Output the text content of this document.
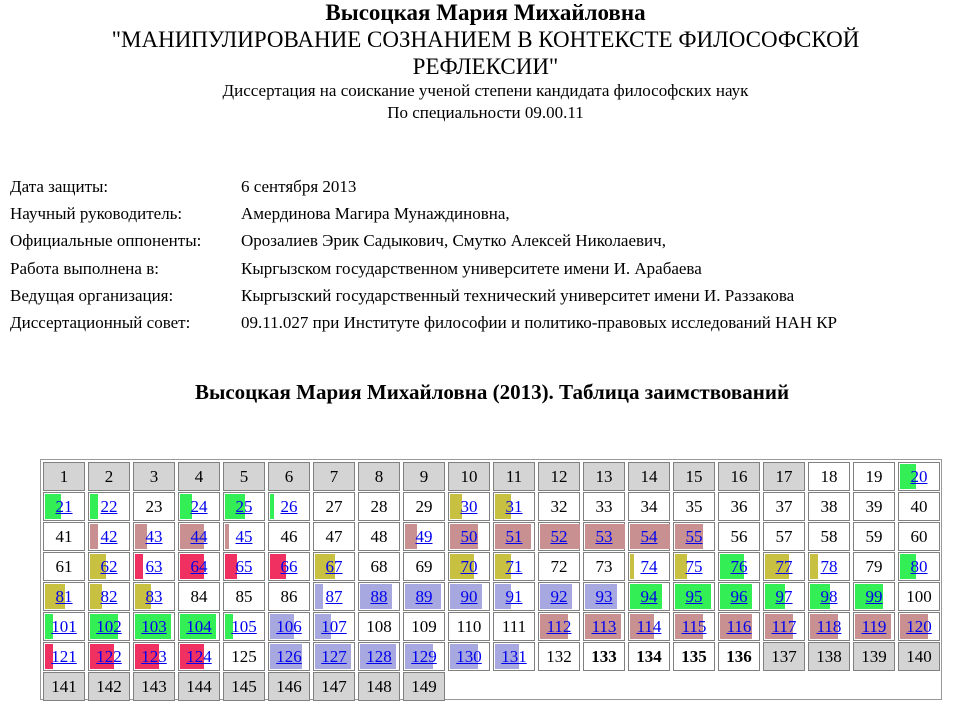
Высоцкая Мария Михайловна
"МАНИПУЛИРОВАНИЕ СОЗНАНИЕМ В КОНТЕКСТЕ ФИЛОСОФСКОЙ РЕФЛЕКСИИ"
Диссертация на соискание ученой степени кандидата философских наук
По специальности 09.00.11
Дата защиты:	6 сентября 2013
Научный руководитель:	Амердинова Магира Мунаждиновна,
Официальные оппоненты:	Орозалиев Эрик Садыкович, Смутко Алексей Николаевич,
Работа выполнена в:	Кыргызском государственном университете имени И. Арабаева
Ведущая организация:	Кыргызский государственный технический университет имени И. Раззакова
Диссертационный совет:	09.11.027 при Институте философии и политико-правовых исследований НАН КР
Высоцкая Мария Михайловна (2013). Таблица заимствований
1 2 3 4 5 6 7 8 9 10 11 12 13 14 15 16 17 18 19 20
21 22 23 24 25 26 27 28 29 30 31 32 33 34 35 36 37 38 39 40
41 42 43 44 45 46 47 48 49 50 51 52 53 54 55 56 57 58 59 60
61 62 63 64 65 66 67 68 69 70 71 72 73 74 75 76 77 78 79 80
81 82 83 84 85 86 87 88 89 90 91 92 93 94 95 96 97 98 99 100
101 102 103 104 105 106 107 108 109 110 111 112 113 114 115 116 117 118 119 120
121 122 123 124 125 126 127 128 129 130 131 132 133 134 135 136 137 138 139 140
141 142 143 144 145 146 147 148 149
